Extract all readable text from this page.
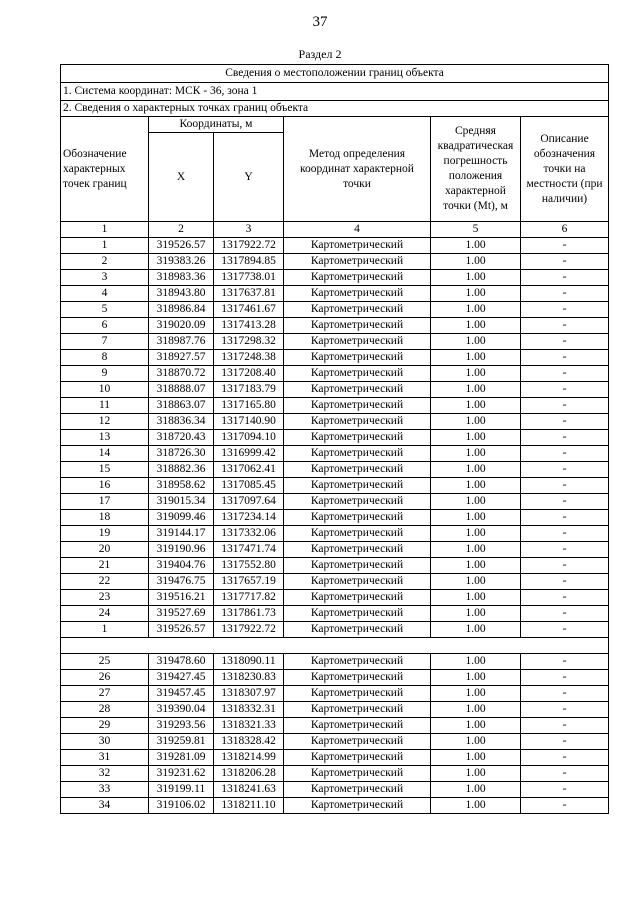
37
Раздел 2
Сведения о местоположении границ объекта					
1. Система координат: МСК - 36, зона 1					
2. Сведения о характерных точках границ объекта					
Обозначение характерных точек границ	Координаты, м		Метод определения координат характерной точки	Средняя квадратическая погрешность положения характерной точки (Mt), м	Описание обозначения точки на местности (при наличии)
	X	Y			
1	2	3	4	5	6
1	319526.57	1317922.72	Картометрический	1.00	-
2	319383.26	1317894.85	Картометрический	1.00	-
3	318983.36	1317738.01	Картометрический	1.00	-
4	318943.80	1317637.81	Картометрический	1.00	-
5	318986.84	1317461.67	Картометрический	1.00	-
6	319020.09	1317413.28	Картометрический	1.00	-
7	318987.76	1317298.32	Картометрический	1.00	-
8	318927.57	1317248.38	Картометрический	1.00	-
9	318870.72	1317208.40	Картометрический	1.00	-
10	318888.07	1317183.79	Картометрический	1.00	-
11	318863.07	1317165.80	Картометрический	1.00	-
12	318836.34	1317140.90	Картометрический	1.00	-
13	318720.43	1317094.10	Картометрический	1.00	-
14	318726.30	1316999.42	Картометрический	1.00	-
15	318882.36	1317062.41	Картометрический	1.00	-
16	318958.62	1317085.45	Картометрический	1.00	-
17	319015.34	1317097.64	Картометрический	1.00	-
18	319099.46	1317234.14	Картометрический	1.00	-
19	319144.17	1317332.06	Картометрический	1.00	-
20	319190.96	1317471.74	Картометрический	1.00	-
21	319404.76	1317552.80	Картометрический	1.00	-
22	319476.75	1317657.19	Картометрический	1.00	-
23	319516.21	1317717.82	Картометрический	1.00	-
24	319527.69	1317861.73	Картометрический	1.00	-
1	319526.57	1317922.72	Картометрический	1.00	-

25	319478.60	1318090.11	Картометрический	1.00	-
26	319427.45	1318230.83	Картометрический	1.00	-
27	319457.45	1318307.97	Картометрический	1.00	-
28	319390.04	1318332.31	Картометрический	1.00	-
29	319293.56	1318321.33	Картометрический	1.00	-
30	319259.81	1318328.42	Картометрический	1.00	-
31	319281.09	1318214.99	Картометрический	1.00	-
32	319231.62	1318206.28	Картометрический	1.00	-
33	319199.11	1318241.63	Картометрический	1.00	-
34	319106.02	1318211.10	Картометрический	1.00	-
